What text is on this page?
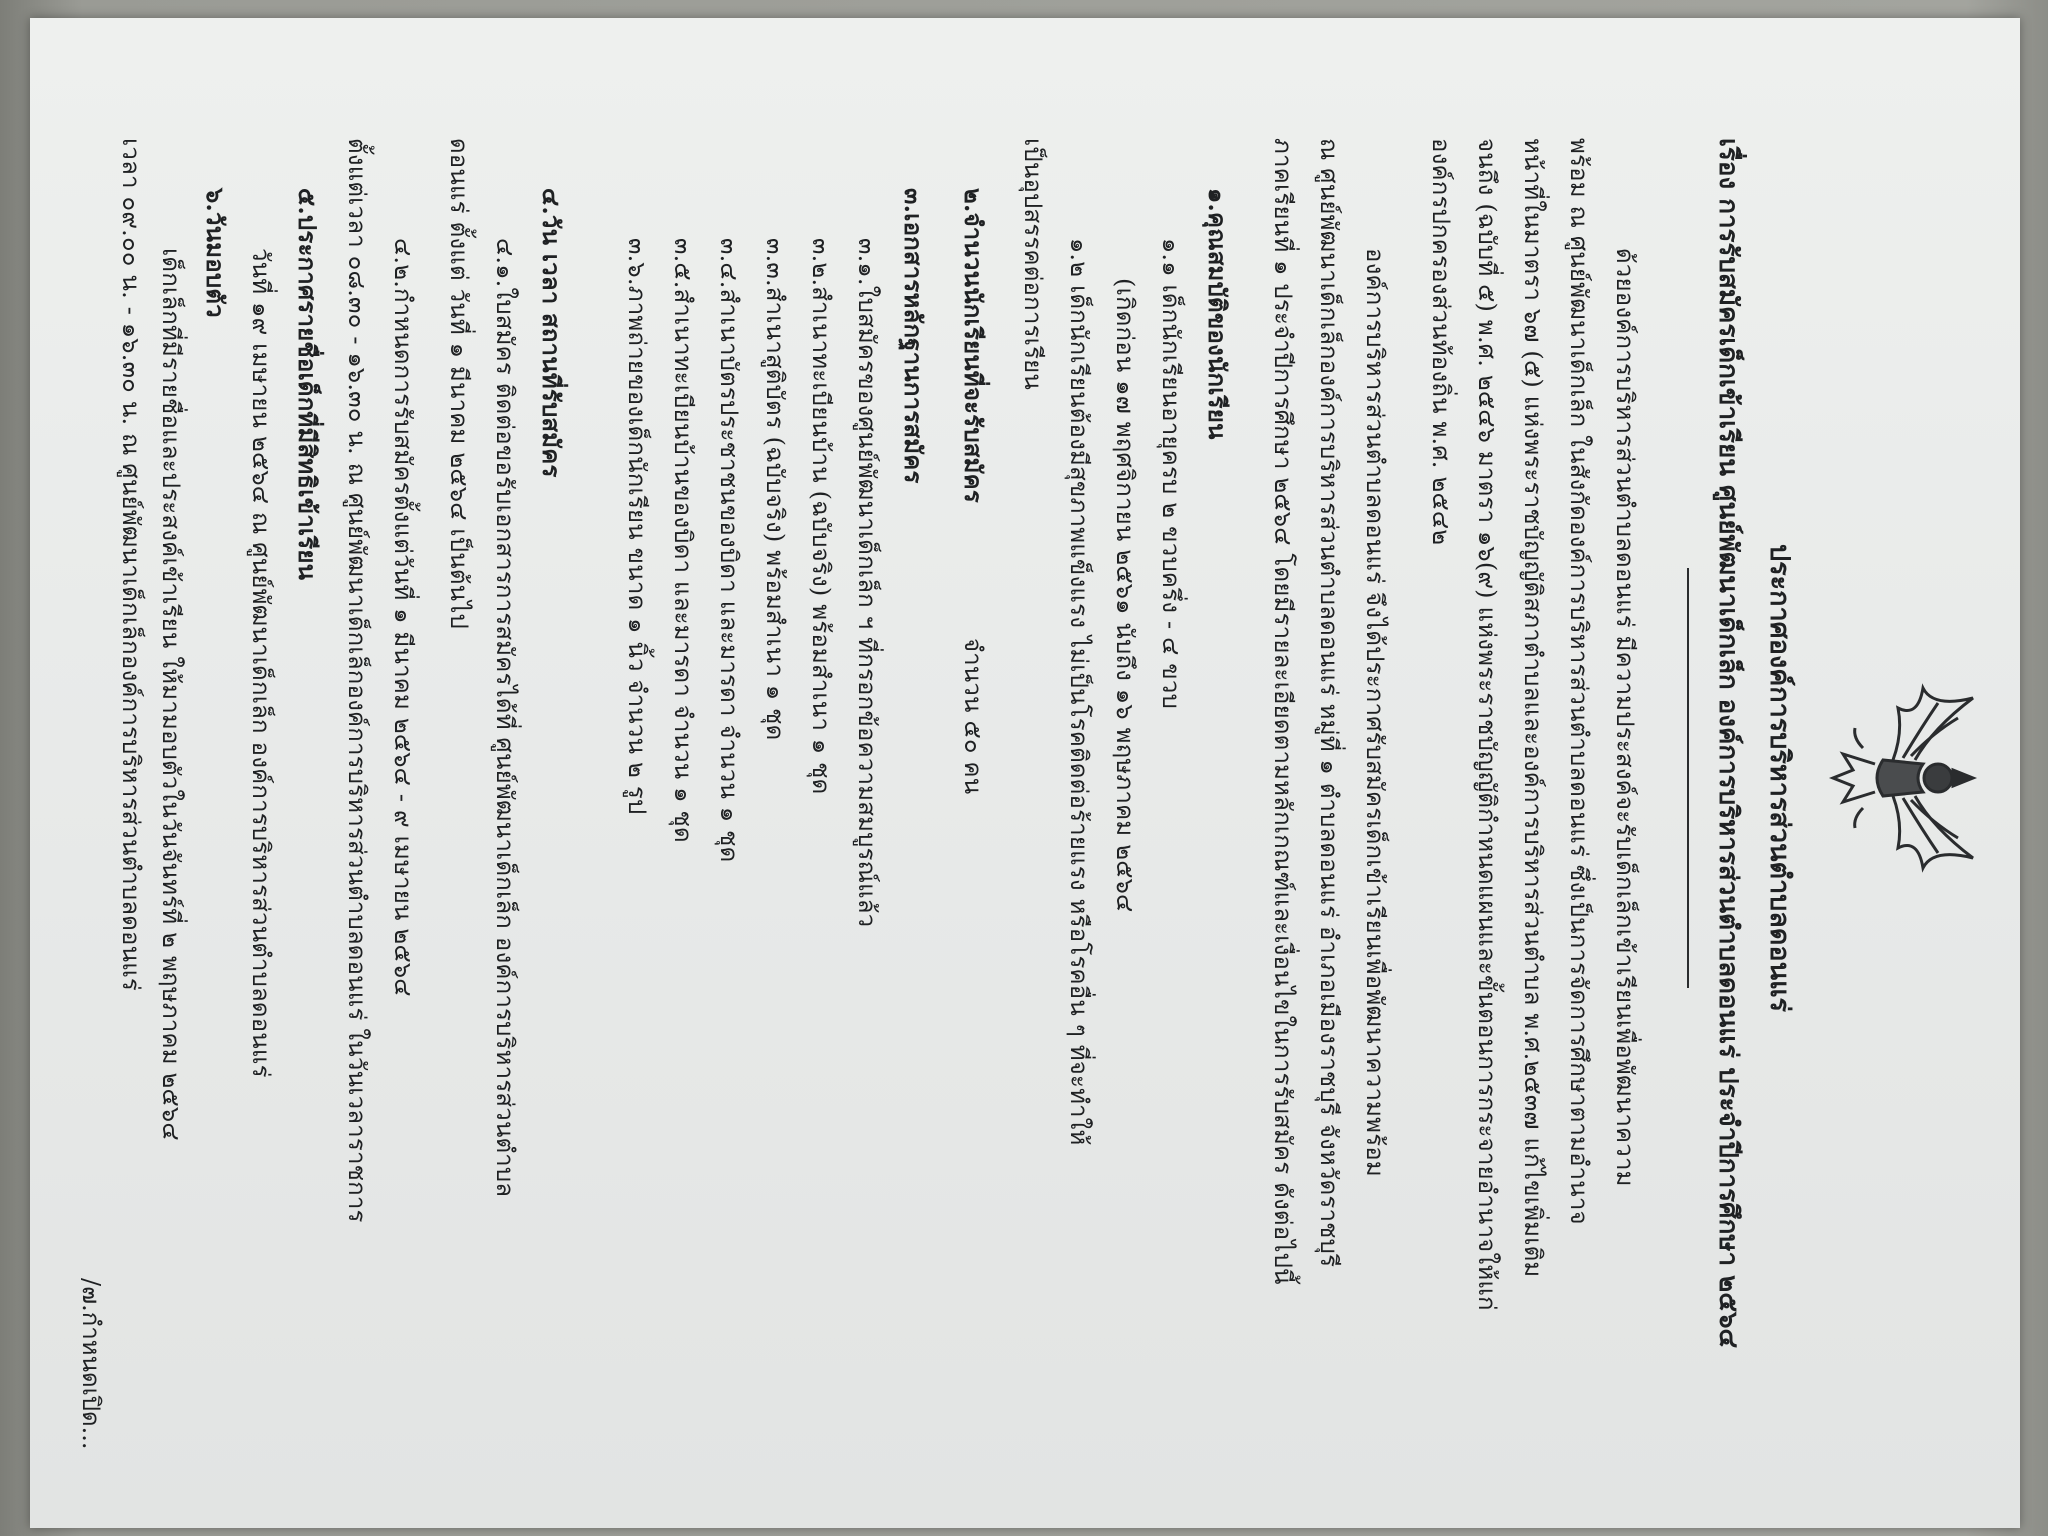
ประกาศองค์การบริหารส่วนตำบลดอนแร่
เรื่อง การรับสมัครเด็กเข้าเรียน ศูนย์พัฒนาเด็กเล็ก องค์การบริหารส่วนตำบลดอนแร่ ประจำปีการศึกษา ๒๕๖๔
ด้วยองค์การบริหารส่วนตำบลดอนแร่ มีความประสงค์จะรับเด็กเล็กเข้าเรียนเพื่อพัฒนาความ
พร้อม ณ ศูนย์พัฒนาเด็กเล็ก ในสังกัดองค์การบริหารส่วนตำบลดอนแร่ ซึ่งเป็นการจัดการศึกษาตามอำนาจ
หน้าที่ในมาตรา ๖๗ (๕) แห่งพระราชบัญญัติสภาตำบลและองค์การบริหารส่วนตำบล พ.ศ.๒๕๓๗ แก้ไขเพิ่มเติม
จนถึง (ฉบับที่ ๕) พ.ศ. ๒๕๔๖ มาตรา ๑๖(๙) แห่งพระราชบัญญัติกำหนดแผนและขั้นตอนการกระจายอำนาจให้แก่
องค์กรปกครองส่วนท้องถิ่น พ.ศ. ๒๕๔๒
องค์การบริหารส่วนตำบลดอนแร่ จึงได้ประกาศรับสมัครเด็กเข้าเรียนเพื่อพัฒนาความพร้อม
ณ ศูนย์พัฒนาเด็กเล็กองค์การบริหารส่วนตำบลดอนแร่ หมู่ที่ ๑ ตำบลดอนแร่ อำเภอเมืองราชบุรี จังหวัดราชบุรี
ภาคเรียนที่ ๑ ประจำปีการศึกษา ๒๕๖๔ โดยมีรายละเอียดตามหลักเกณฑ์และเงื่อนไขในการรับสมัคร ดังต่อไปนี้
๑.คุณสมบัติของนักเรียน
๑.๑ เด็กนักเรียนอายุครบ ๒ ขวบครึ่ง - ๔ ขวบ
(เกิดก่อน ๑๗ พฤศจิกายน ๒๕๖๑ นับถึง ๑๖ พฤษภาคม ๒๕๖๔
๑.๒ เด็กนักเรียนต้องมีสุขภาพแข็งแรง ไม่เป็นโรคติดต่อร้ายแรง หรือโรคอื่น ๆ ที่จะทำให้
เป็นอุปสรรคต่อการเรียน
๒.จำนวนนักเรียนที่จะรับสมัคร
จำนวน ๕๐ คน
๓.เอกสารหลักฐานการสมัคร
๓.๑.ใบสมัครของศูนย์พัฒนาเด็กเล็ก ฯ ที่กรอกข้อความสมบูรณ์แล้ว
๓.๒.สำเนาทะเบียนบ้าน (ฉบับจริง) พร้อมสำเนา ๑ ชุด
๓.๓.สำเนาสูติบัตร (ฉบับจริง) พร้อมสำเนา ๑ ชุด
๓.๔.สำเนาบัตรประชาชนของบิดา และมารดา จำนวน ๑ ชุด
๓.๕.สำเนาทะเบียนบ้านของบิดา และมารดา จำนวน ๑ ชุด
๓.๖.ภาพถ่ายของเด็กนักเรียน ขนาด ๑ นิ้ว จำนวน ๒ รูป
๔.วัน เวลา สถานที่รับสมัคร
๔.๑.ใบสมัคร ติดต่อขอรับเอกสารการสมัครได้ที่ ศูนย์พัฒนาเด็กเล็ก องค์การบริหารส่วนตำบล
ดอนแร่ ตั้งแต่ วันที่ ๑ มีนาคม ๒๕๖๔ เป็นต้นไป
๔.๒.กำหนดการรับสมัครตั้งแต่วันที่ ๑ มีนาคม ๒๕๖๔ - ๙ เมษายน ๒๕๖๔
ตั้งแต่เวลา ๐๘.๓๐ - ๑๖.๓๐ น. ณ ศูนย์พัฒนาเด็กเล็กองค์การบริหารส่วนตำบลดอนแร่ ในวันเวลาราชการ
๕.ประกาศรายชื่อเด็กที่มีสิทธิเข้าเรียน
วันที่ ๑๙ เมษายน ๒๕๖๔ ณ ศูนย์พัฒนาเด็กเล็ก องค์การบริหารส่วนตำบลดอนแร่
๖.วันมอบตัว
เด็กเล็กที่มีรายชื่อและประสงค์เข้าเรียน ให้มามอบตัวในวันจันทร์ที่ ๒ พฤษภาคม ๒๕๖๔
เวลา ๐๙.๐๐ น. - ๑๖.๓๐ น. ณ ศูนย์พัฒนาเด็กเล็กองค์การบริหารส่วนตำบลดอนแร่
/๗.กำหนดเปิด...
